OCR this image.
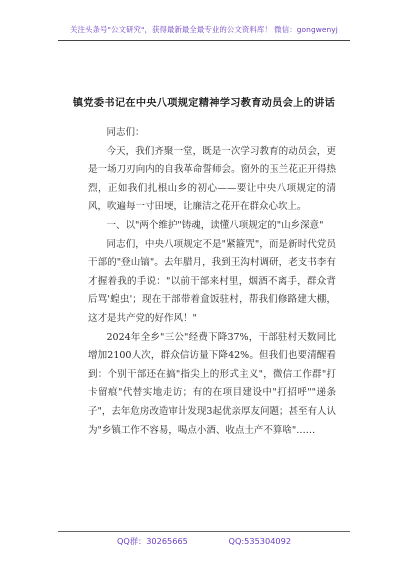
关注头条号"公文研究"，获得最新最全最专业的公文资料库！ 微信：gongwenyj
镇党委书记在中央八项规定精神学习教育动员会上的讲话

同志们：

今天，我们齐聚一堂，既是一次学习教育的动员会，更是一场刀刃向内的自我革命誓师会。窗外的玉兰花正开得热烈，正如我们扎根山乡的初心——要让中央八项规定的清风，吹遍每一寸田埂，让廉洁之花开在群众心坎上。

一、以"两个维护"铸魂，读懂八项规定的"山乡深意"

同志们，中央八项规定不是"紧箍咒"，而是新时代党员干部的"登山镐"。去年腊月，我到王沟村调研，老支书李有才握着我的手说："以前干部来村里，烟酒不离手，群众背后骂'蝗虫'；现在干部带着盒饭驻村，帮我们修路建大棚，这才是共产党的好作风！"

2024年全乡"三公"经费下降37%，干部驻村天数同比增加2100人次，群众信访量下降42%。但我们也要清醒看到：个别干部还在搞"指尖上的形式主义"，微信工作群"打卡留痕"代替实地走访；有的在项目建设中"打招呼""递条子"，去年危房改造审计发现3起优亲厚友问题；甚至有人认为"乡镇工作不容易，喝点小酒、收点土产不算啥"……

QQ群：30265665	QQ:535304092
